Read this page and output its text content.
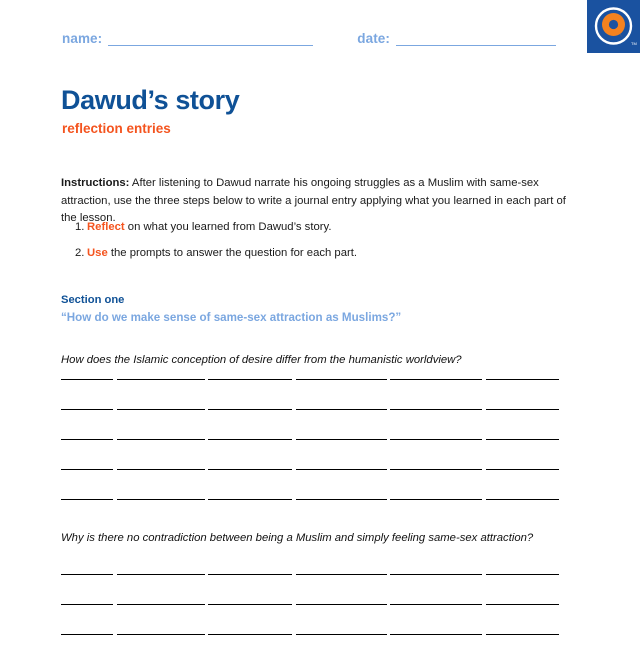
TM
name:	date:
Dawud’s story
reflection entries

Instructions: After listening to Dawud narrate his ongoing struggles as a Muslim with same-sex attraction, use the three steps below to write a journal entry applying what you learned in each part of the lesson.

1. Reflect on what you learned from Dawud’s story.
2. Use the prompts to answer the question for each part.
Section one
“How do we make sense of same-sex attraction as Muslims?”

How does the Islamic conception of desire differ from the humanistic worldview?

Why is there no contradiction between being a Muslim and simply feeling same-sex attraction?
